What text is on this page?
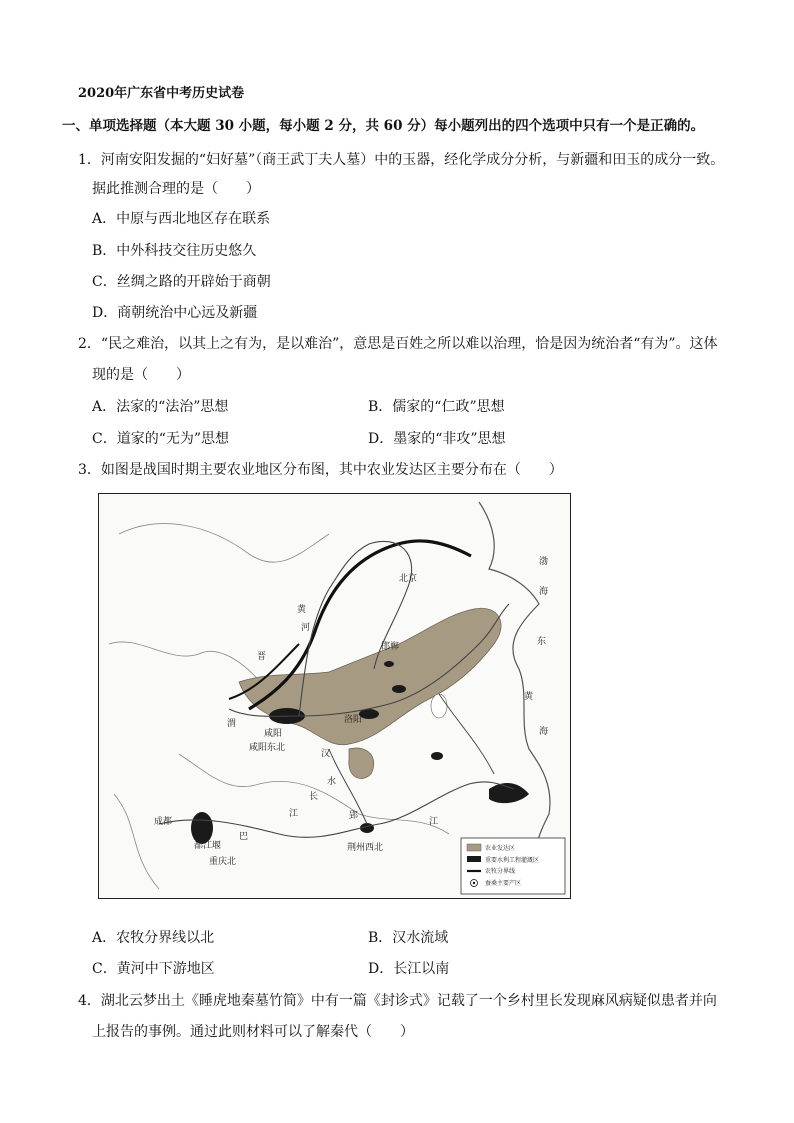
2020年广东省中考历史试卷
一、单项选择题（本大题 30 小题，每小题 2 分，共 60 分）每小题列出的四个选项中只有一个是正确的。
1．河南安阳发掘的“妇好墓”（商王武丁夫人墓）中的玉器，经化学成分分析，与新疆和田玉的成分一致。
据此推测合理的是（　　）
A．中原与西北地区存在联系
B．中外科技交往历史悠久
C．丝绸之路的开辟始于商朝
D．商朝统治中心远及新疆
2．“民之难治，以其上之有为，是以难治”，意思是百姓之所以难以治理，恰是因为统治者“有为”。这体
现的是（　　）
A．法家的“法治”思想	B．儒家的“仁政”思想
C．道家的“无为”思想	D．墨家的“非攻”思想
3．如图是战国时期主要农业地区分布图，其中农业发达区主要分布在（　　）
北京
黄
河
渤
海
东
黄
海
邯郸
洛阳
咸阳
咸阳东北
晋
渭
汉
水
长
江
江
成都
都江堰
重庆北
巴
郢
荆州西北	农业发达区
重要水利工程灌溉区
农牧分界线
蚕桑主要产区
A．农牧分界线以北	B．汉水流域
C．黄河中下游地区	D．长江以南
4．湖北云梦出土《睡虎地秦墓竹简》中有一篇《封诊式》记载了一个乡村里长发现麻风病疑似患者并向
上报告的事例。通过此则材料可以了解秦代（　　）
